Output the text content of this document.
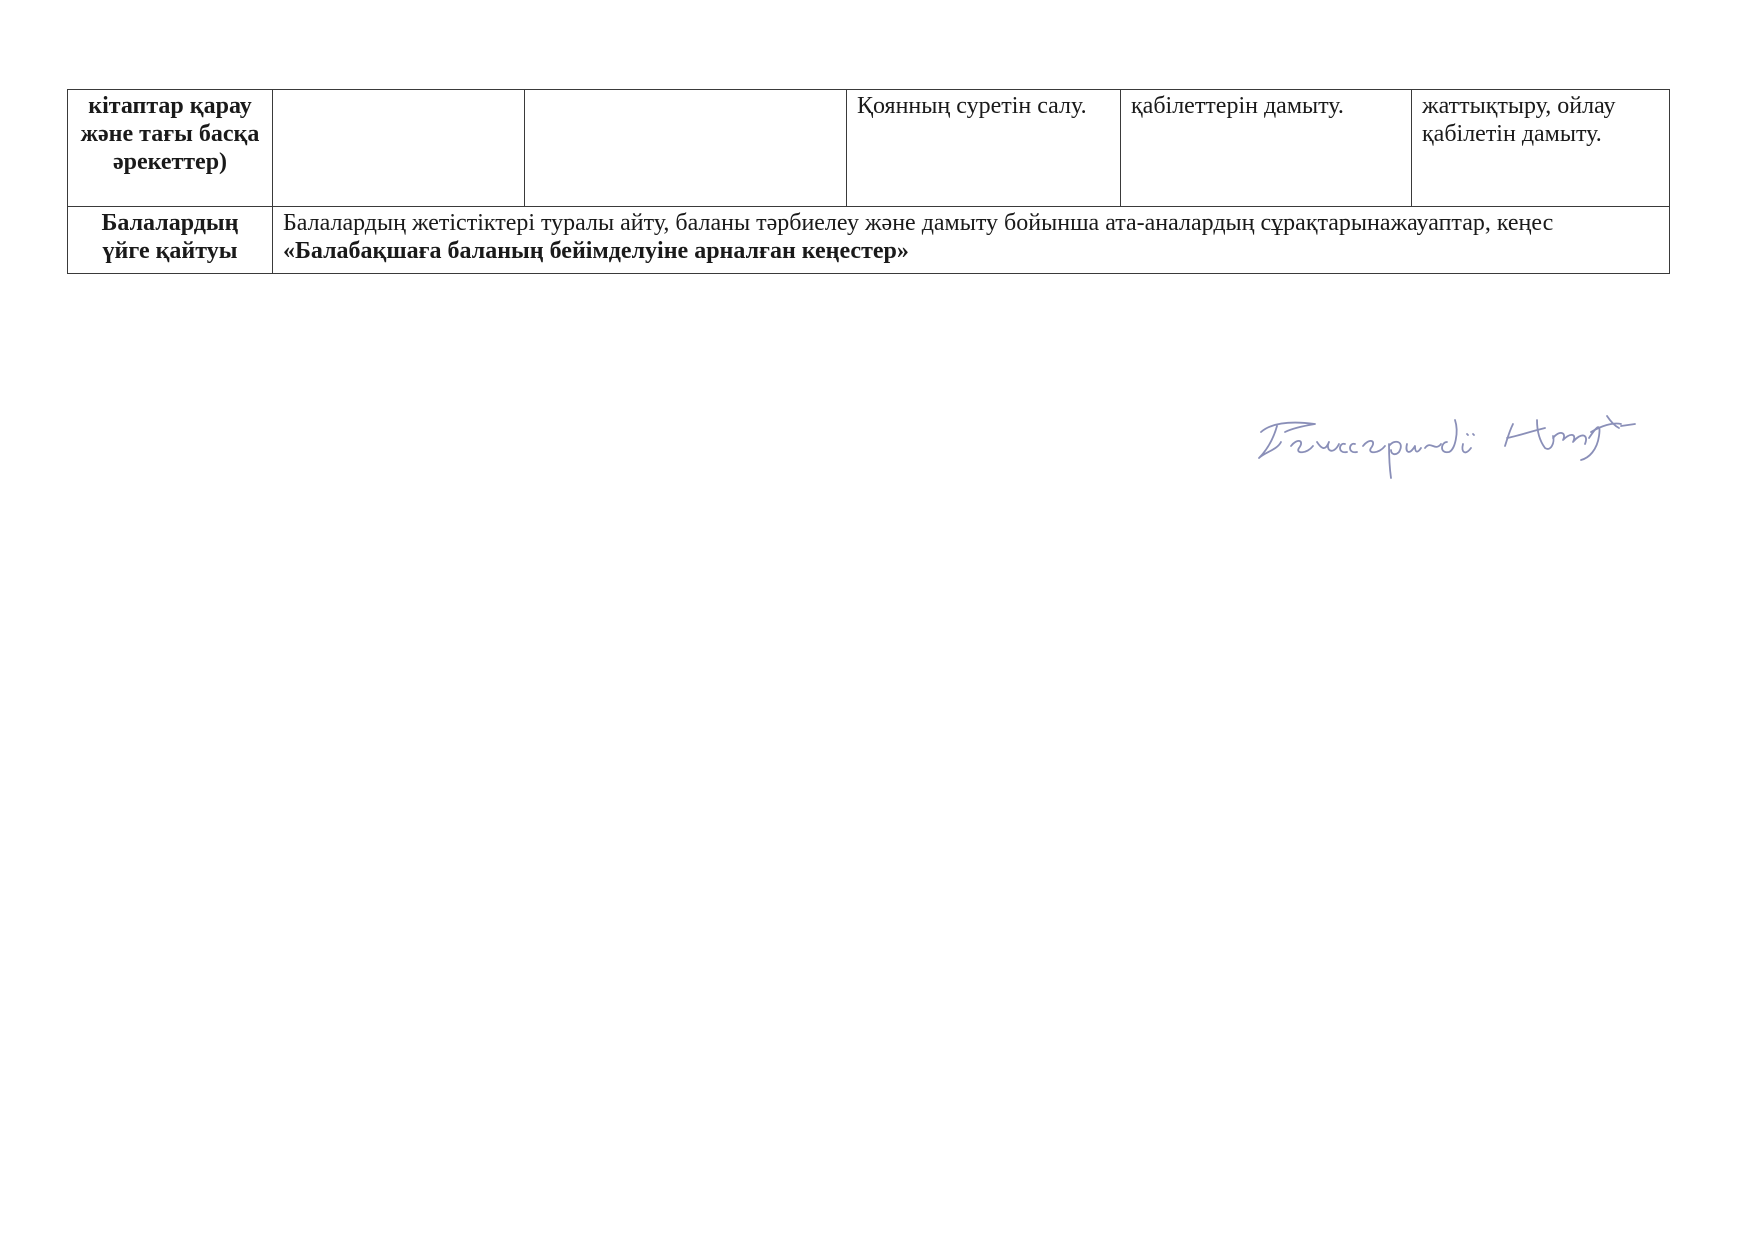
кітаптар қарау және тағы басқа әрекеттер)			Қоянның суретін салу.	қабілеттерін дамыту.	жаттықтыру, ойлау қабілетін дамыту.
Балалардың үйге қайтуы	Балалардың жетістіктері туралы айту, баланы тәрбиелеу және дамыту бойынша ата-аналардың сұрақтарынажауаптар, кеңес
«Балабақшаға баланың бейімделуіне арналған кеңестер»				
